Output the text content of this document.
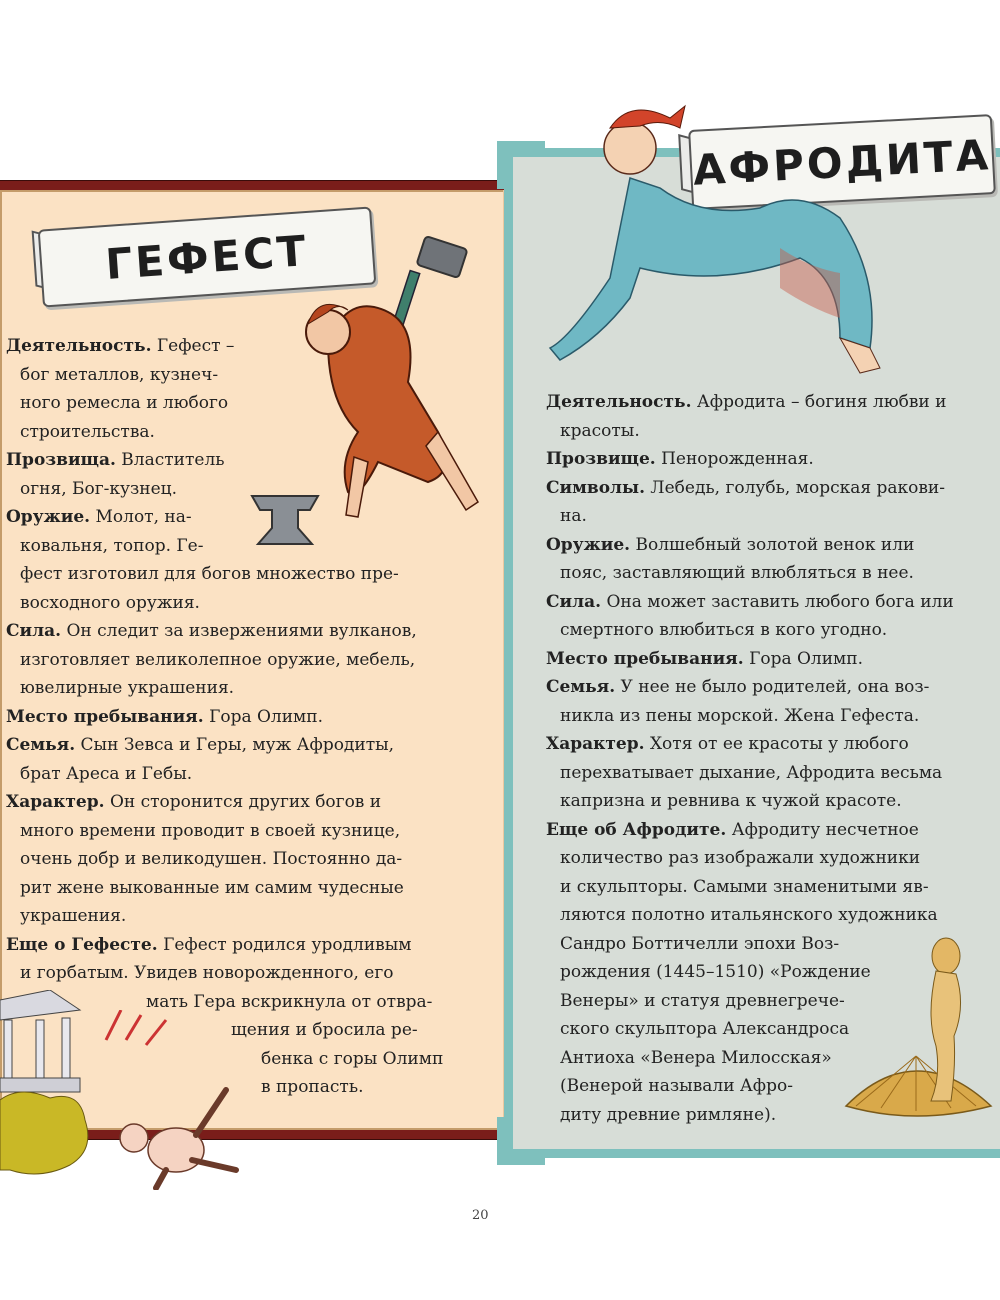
ГЕФЕСТ
АФРОДИТА

Деятельность. Гефест –

бог металлов, кузнеч-

ного ремесла и любого

строительства.

Прозвища. Властитель

огня, Бог-кузнец.

Оружие. Молот, на-

ковальня, топор. Ге-

фест изготовил для богов множество пре-

восходного оружия.

Сила. Он следит за извержениями вулканов,

изготовляет великолепное оружие, мебель,

ювелирные украшения.

Место пребывания. Гора Олимп.

Семья. Сын Зевса и Геры, муж Афродиты,

брат Ареса и Гебы.

Характер. Он сторонится других богов и

много времени проводит в своей кузнице,

очень добр и великодушен. Постоянно да-

рит жене выкованные им самим чудесные

украшения.

Еще о Гефесте. Гефест родился уродливым

и горбатым. Увидев новорожденного, его

мать Гера вскрикнула от отвра-

щения и бросила ре-

бенка с горы Олимп

в пропасть.

Деятельность. Афродита – богиня любви и

красоты.

Прозвище. Пенорожденная.

Символы. Лебедь, голубь, морская ракови-

на.

Оружие. Волшебный золотой венок или

пояс, заставляющий влюбляться в нее.

Сила. Она может заставить любого бога или

смертного влюбиться в кого угодно.

Место пребывания. Гора Олимп.

Семья. У нее не было родителей, она воз-

никла из пены морской. Жена Гефеста.

Характер. Хотя от ее красоты у любого

перехватывает дыхание, Афродита весьма

капризна и ревнива к чужой красоте.

Еще об Афродите. Афродиту несчетное

количество раз изображали художники

и скульпторы. Самыми знаменитыми яв-

ляются полотно итальянского художника

Сандро Боттичелли эпохи Воз-

рождения (1445–1510) «Рождение

Венеры» и статуя древнегрече-

ского скульптора Александроса

Антиоха «Венера Милосская»

(Венерой называли Афро-

диту древние римляне).

20
